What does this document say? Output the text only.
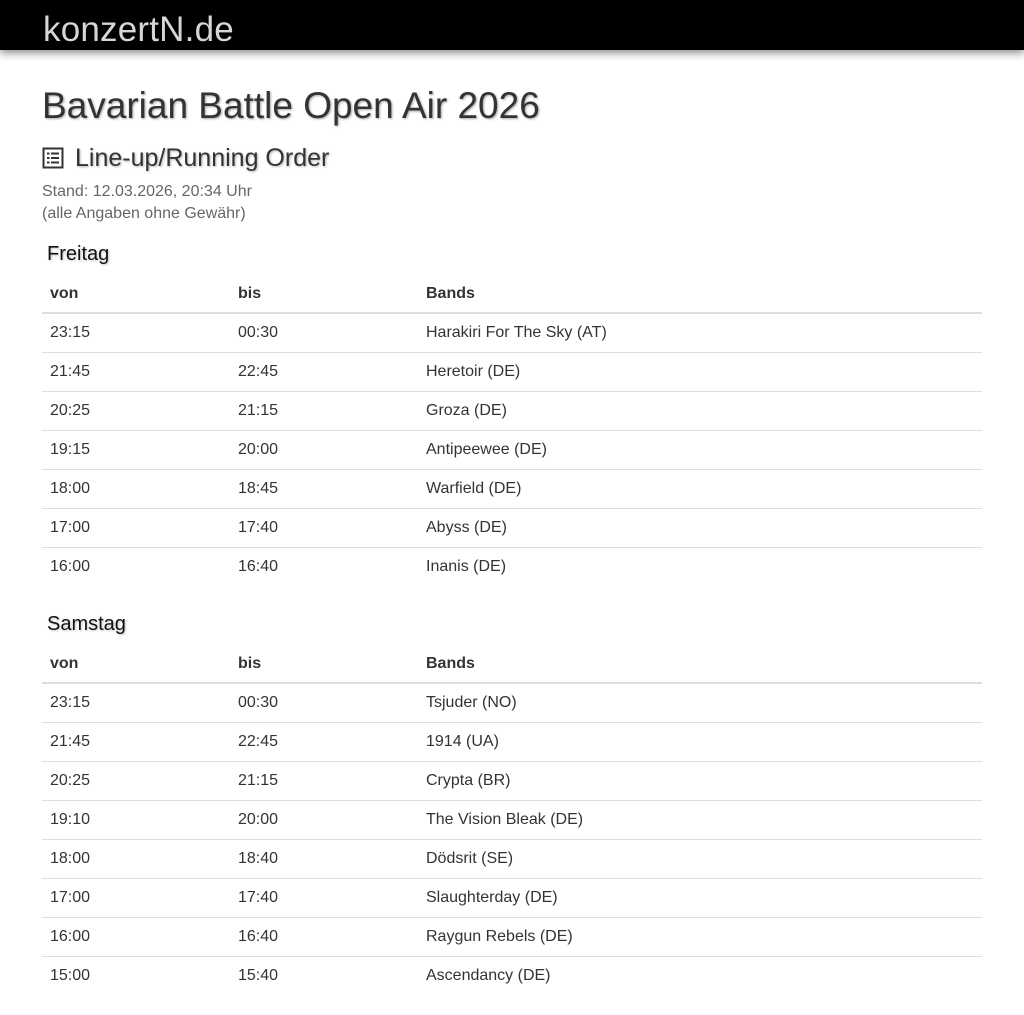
konzertN.de
Bavarian Battle Open Air 2026
Line-up/Running Order
Stand: 12.03.2026, 20:34 Uhr
(alle Angaben ohne Gewähr)
Freitag
von	bis	Bands
23:15	00:30	Harakiri For The Sky (AT)
21:45	22:45	Heretoir (DE)
20:25	21:15	Groza (DE)
19:15	20:00	Antipeewee (DE)
18:00	18:45	Warfield (DE)
17:00	17:40	Abyss (DE)
16:00	16:40	Inanis (DE)
Samstag
von	bis	Bands
23:15	00:30	Tsjuder (NO)
21:45	22:45	1914 (UA)
20:25	21:15	Crypta (BR)
19:10	20:00	The Vision Bleak (DE)
18:00	18:40	Dödsrit (SE)
17:00	17:40	Slaughterday (DE)
16:00	16:40	Raygun Rebels (DE)
15:00	15:40	Ascendancy (DE)
